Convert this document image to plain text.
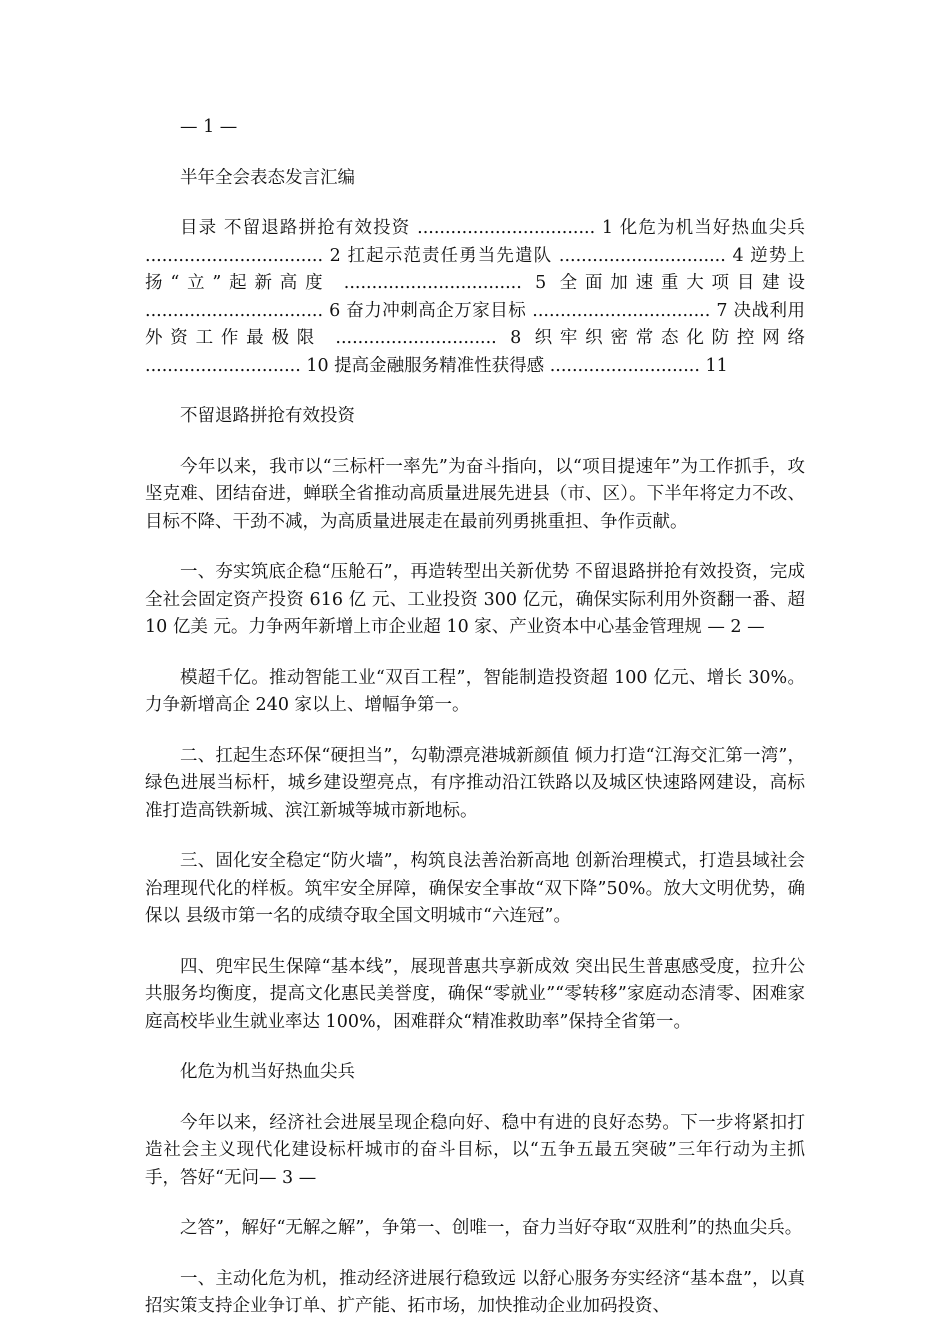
— 1 —

半年全会表态发言汇编

目录 不留退路拼抢有效投资 ................................ 1 化危为机当好热血尖兵 ................................ 2 扛起示范责任勇当先遣队 .............................. 4 逆势上扬“立”起新高度 ................................ 5 全面加速重大项目建设 ................................ 6 奋力冲刺高企万家目标 ................................ 7 决战利用外资工作最极限 ............................. 8 织牢织密常态化防控网络 ............................ 10 提高金融服务精准性获得感 ........................... 11

不留退路拼抢有效投资

今年以来，我市以“三标杆一率先”为奋斗指向，以“项目提速年”为工作抓手，攻坚克难、团结奋进，蝉联全省推动高质量进展先进县（市、区）。下半年将定力不改、目标不降、干劲不减，为高质量进展走在最前列勇挑重担、争作贡献。

一、夯实筑底企稳“压舱石”，再造转型出关新优势 不留退路拼抢有效投资，完成全社会固定资产投资 616 亿 元、工业投资 300 亿元，确保实际利用外资翻一番、超 10 亿美 元。力争两年新增上市企业超 10 家、产业资本中心基金管理规 — 2 —

模超千亿。推动智能工业“双百工程”，智能制造投资超 100 亿元、增长 30%。力争新增高企 240 家以上、增幅争第一。

二、扛起生态环保“硬担当”，勾勒漂亮港城新颜值 倾力打造“江海交汇第一湾”，绿色进展当标杆，城乡建设塑亮点，有序推动沿江铁路以及城区快速路网建设，高标准打造高铁新城、滨江新城等城市新地标。

三、固化安全稳定“防火墙”，构筑良法善治新高地 创新治理模式，打造县域社会治理现代化的样板。筑牢安全屏障，确保安全事故“双下降”50%。放大文明优势，确保以 县级市第一名的成绩夺取全国文明城市“六连冠”。

四、兜牢民生保障“基本线”，展现普惠共享新成效 突出民生普惠感受度，拉升公共服务均衡度，提高文化惠民美誉度，确保“零就业”“零转移”家庭动态清零、困难家庭高校毕业生就业率达 100%，困难群众“精准救助率”保持全省第一。

化危为机当好热血尖兵

今年以来，经济社会进展呈现企稳向好、稳中有进的良好态势。下一步将紧扣打造社会主义现代化建设标杆城市的奋斗目标，以“五争五最五突破”三年行动为主抓手，答好“无问— 3 —

之答”，解好“无解之解”，争第一、创唯一，奋力当好夺取“双胜利”的热血尖兵。

一、主动化危为机，推动经济进展行稳致远 以舒心服务夯实经济“基本盘”，以真招实策支持企业争订单、扩产能、拓市场，加快推动企业加码投资、
